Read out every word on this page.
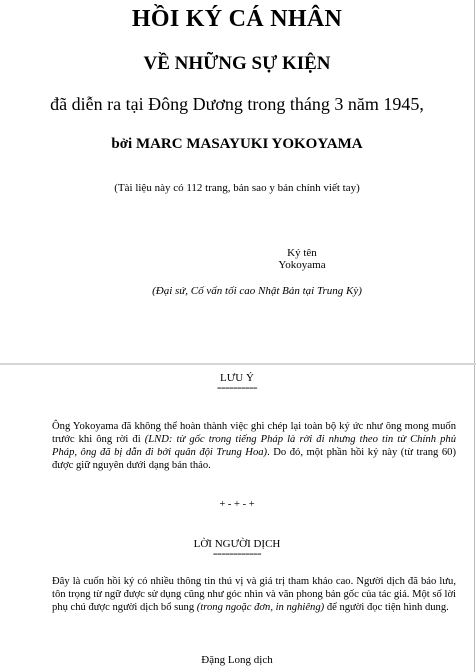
HỒI KÝ CÁ NHÂN
VỀ NHỮNG SỰ KIỆN
đã diễn ra tại Đông Dương trong tháng 3 năm 1945,
bởi MARC MASAYUKI YOKOYAMA
(Tài liệu này có 112 trang, bản sao y bản chính viết tay)
Ký tên
Yokoyama
(Đại sứ, Cố vấn tối cao Nhật Bản tại Trung Kỳ)
LƯU Ý
==========
Ông Yokoyama đã không thể hoàn thành việc ghi chép lại toàn bộ ký ức như ông mong muốn trước khi ông rời đi (LND: từ gốc trong tiếng Pháp là rời đi nhưng theo tin từ Chính phủ Pháp, ông đã bị dẫn đi bởi quân đội Trung Hoa). Do đó, một phần hồi ký này (từ trang 60) được giữ nguyên dưới dạng bản thảo.
+ - + - +
LỜI NGƯỜI DỊCH
============
Đây là cuốn hồi ký có nhiều thông tin thú vị và giá trị tham khảo cao. Người dịch đã bảo lưu, tôn trọng từ ngữ được sử dụng cũng như góc nhìn và văn phong bản gốc của tác giả. Một số lời phụ chú được người dịch bổ sung (trong ngoặc đơn, in nghiêng) để người đọc tiện hình dung.
Đặng Long dịch
